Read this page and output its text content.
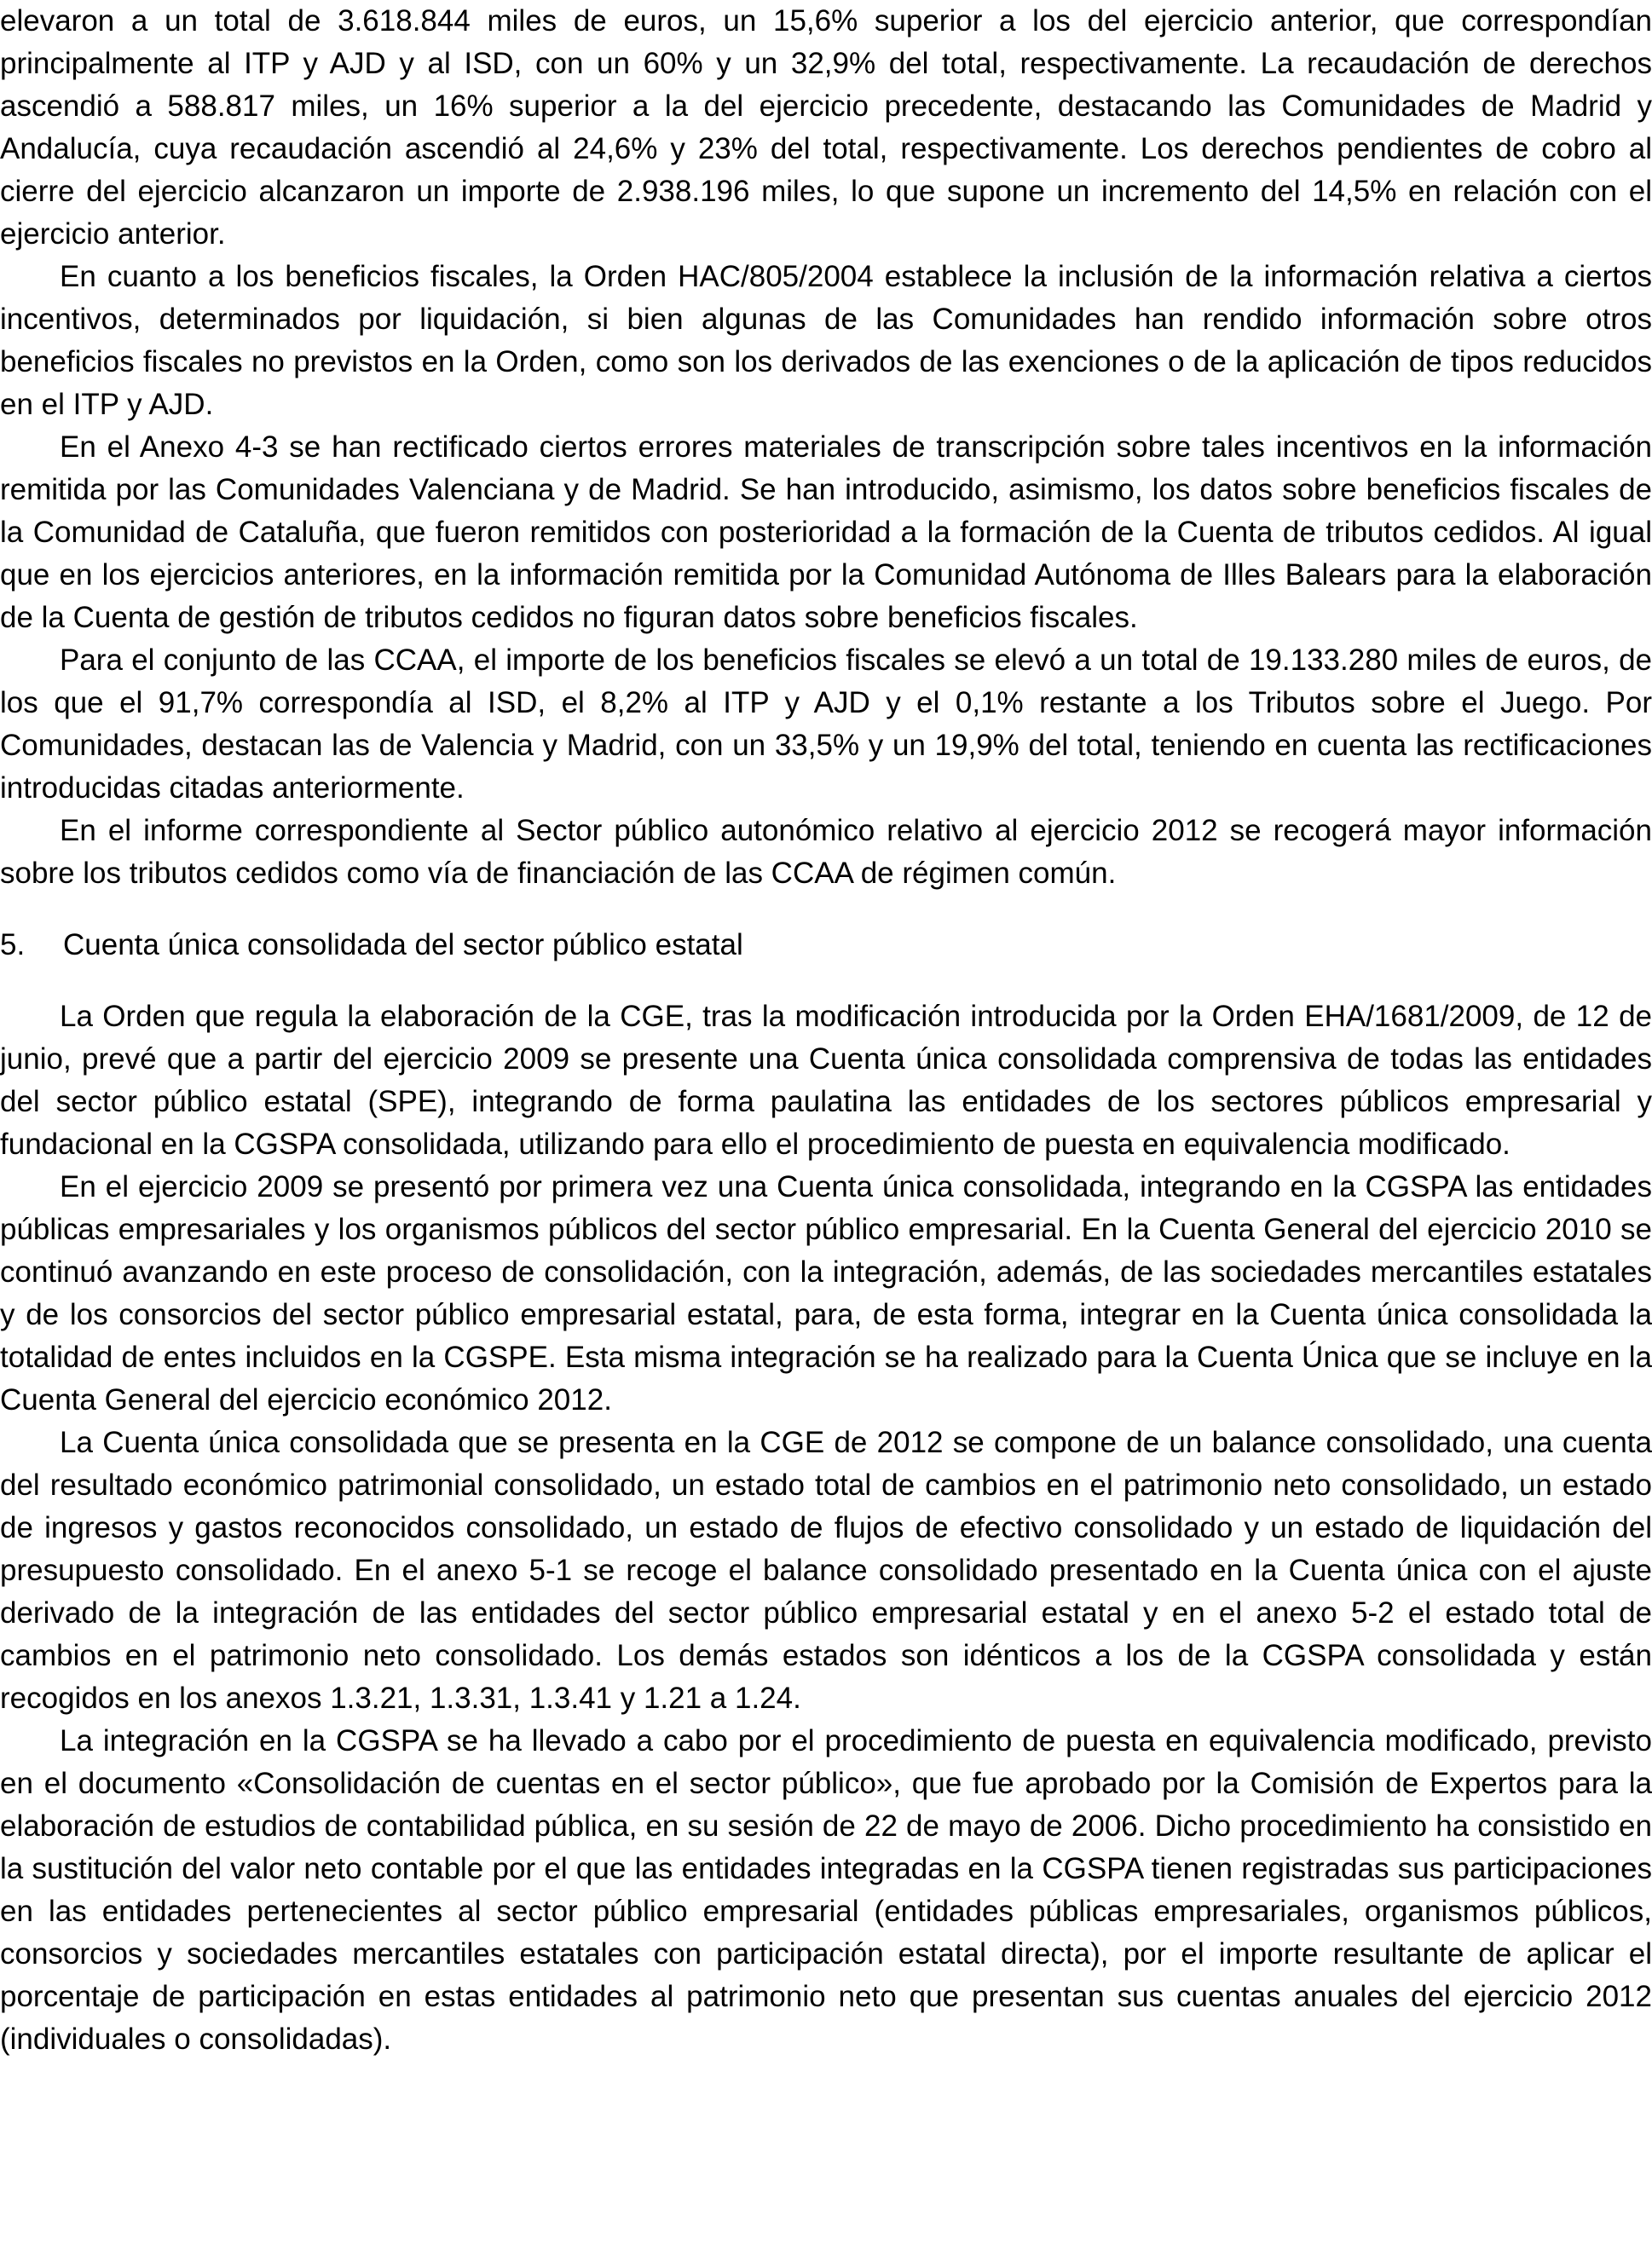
elevaron a un total de 3.618.844 miles de euros, un 15,6% superior a los del ejercicio anterior, que correspondían principalmente al ITP y AJD y al ISD, con un 60% y un 32,9% del total, respectivamente. La recaudación de derechos ascendió a 588.817 miles, un 16% superior a la del ejercicio precedente, destacando las Comunidades de Madrid y Andalucía, cuya recaudación ascendió al 24,6% y 23% del total, respectivamente. Los derechos pendientes de cobro al cierre del ejercicio alcanzaron un importe de 2.938.196 miles, lo que supone un incremento del 14,5% en relación con el ejercicio anterior.

En cuanto a los beneficios fiscales, la Orden HAC/805/2004 establece la inclusión de la información relativa a ciertos incentivos, determinados por liquidación, si bien algunas de las Comunidades han rendido información sobre otros beneficios fiscales no previstos en la Orden, como son los derivados de las exenciones o de la aplicación de tipos reducidos en el ITP y AJD.

En el Anexo 4-3 se han rectificado ciertos errores materiales de transcripción sobre tales incentivos en la información remitida por las Comunidades Valenciana y de Madrid. Se han introducido, asimismo, los datos sobre beneficios fiscales de la Comunidad de Cataluña, que fueron remitidos con posterioridad a la formación de la Cuenta de tributos cedidos. Al igual que en los ejercicios anteriores, en la información remitida por la Comunidad Autónoma de Illes Balears para la elaboración de la Cuenta de gestión de tributos cedidos no figuran datos sobre beneficios fiscales.

Para el conjunto de las CCAA, el importe de los beneficios fiscales se elevó a un total de 19.133.280 miles de euros, de los que el 91,7% correspondía al ISD, el 8,2% al ITP y AJD y el 0,1% restante a los Tributos sobre el Juego. Por Comunidades, destacan las de Valencia y Madrid, con un 33,5% y un 19,9% del total, teniendo en cuenta las rectificaciones introducidas citadas anteriormente.

En el informe correspondiente al Sector público autonómico relativo al ejercicio 2012 se recogerá mayor información sobre los tributos cedidos como vía de financiación de las CCAA de régimen común.

5.	Cuenta única consolidada del sector público estatal

La Orden que regula la elaboración de la CGE, tras la modificación introducida por la Orden EHA/1681/2009, de 12 de junio, prevé que a partir del ejercicio 2009 se presente una Cuenta única consolidada comprensiva de todas las entidades del sector público estatal (SPE), integrando de forma paulatina las entidades de los sectores públicos empresarial y fundacional en la CGSPA consolidada, utilizando para ello el procedimiento de puesta en equivalencia modificado.

En el ejercicio 2009 se presentó por primera vez una Cuenta única consolidada, integrando en la CGSPA las entidades públicas empresariales y los organismos públicos del sector público empresarial. En la Cuenta General del ejercicio 2010 se continuó avanzando en este proceso de consolidación, con la integración, además, de las sociedades mercantiles estatales y de los consorcios del sector público empresarial estatal, para, de esta forma, integrar en la Cuenta única consolidada la totalidad de entes incluidos en la CGSPE. Esta misma integración se ha realizado para la Cuenta Única que se incluye en la Cuenta General del ejercicio económico 2012.

La Cuenta única consolidada que se presenta en la CGE de 2012 se compone de un balance consolidado, una cuenta del resultado económico patrimonial consolidado, un estado total de cambios en el patrimonio neto consolidado, un estado de ingresos y gastos reconocidos consolidado, un estado de flujos de efectivo consolidado y un estado de liquidación del presupuesto consolidado. En el anexo 5-1 se recoge el balance consolidado presentado en la Cuenta única con el ajuste derivado de la integración de las entidades del sector público empresarial estatal y en el anexo 5-2 el estado total de cambios en el patrimonio neto consolidado. Los demás estados son idénticos a los de la CGSPA consolidada y están recogidos en los anexos 1.3.21, 1.3.31, 1.3.41 y 1.21 a 1.24.

La integración en la CGSPA se ha llevado a cabo por el procedimiento de puesta en equivalencia modificado, previsto en el documento «Consolidación de cuentas en el sector público», que fue aprobado por la Comisión de Expertos para la elaboración de estudios de contabilidad pública, en su sesión de 22 de mayo de 2006. Dicho procedimiento ha consistido en la sustitución del valor neto contable por el que las entidades integradas en la CGSPA tienen registradas sus participaciones en las entidades pertenecientes al sector público empresarial (entidades públicas empresariales, organismos públicos, consorcios y sociedades mercantiles estatales con participación estatal directa), por el importe resultante de aplicar el porcentaje de participación en estas entidades al patrimonio neto que presentan sus cuentas anuales del ejercicio 2012 (individuales o consolidadas).
